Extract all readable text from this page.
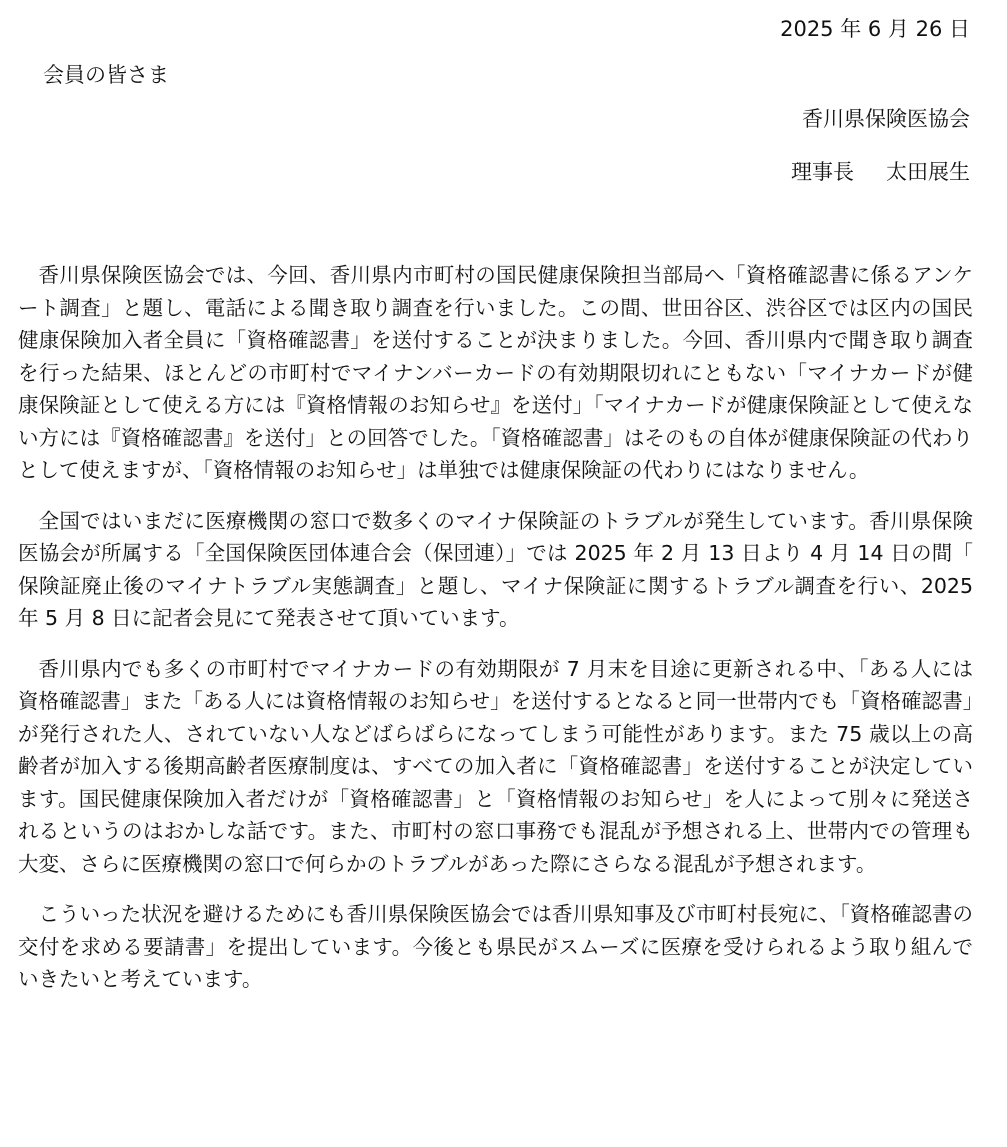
2025 年 6 月 26 日
会員の皆さま
香川県保険医協会
理事長 太田展生

香川県保険医協会では、今回、香川県内市町村の国民健康保険担当部局へ「資格確認書に係るアンケート調査」と題し、電話による聞き取り調査を行いました。この間、世田谷区、渋谷区では区内の国民健康保険加入者全員に「資格確認書」を送付することが決まりました。今回、香川県内で聞き取り調査を行った結果、ほとんどの市町村でマイナンバーカードの有効期限切れにともない「マイナカードが健康保険証として使える方には『資格情報のお知らせ』を送付」「マイナカードが健康保険証として使えない方には『資格確認書』を送付」との回答でした。「資格確認書」はそのもの自体が健康保険証の代わりとして使えますが、「資格情報のお知らせ」は単独では健康保険証の代わりにはなりません。

全国ではいまだに医療機関の窓口で数多くのマイナ保険証のトラブルが発生しています。香川県保険医協会が所属する「全国保険医団体連合会（保団連）」では 2025 年 2 月 13 日より 4 月 14 日の間「保険証廃止後のマイナトラブル実態調査」と題し、マイナ保険証に関するトラブル調査を行い、2025 年 5 月 8 日に記者会見にて発表させて頂いています。

香川県内でも多くの市町村でマイナカードの有効期限が 7 月末を目途に更新される中、「ある人には資格確認書」また「ある人には資格情報のお知らせ」を送付するとなると同一世帯内でも「資格確認書」が発行された人、されていない人などばらばらになってしまう可能性があります。また 75 歳以上の高齢者が加入する後期高齢者医療制度は、すべての加入者に「資格確認書」を送付することが決定しています。国民健康保険加入者だけが「資格確認書」と「資格情報のお知らせ」を人によって別々に発送されるというのはおかしな話です。また、市町村の窓口事務でも混乱が予想される上、世帯内での管理も大変、さらに医療機関の窓口で何らかのトラブルがあった際にさらなる混乱が予想されます。

こういった状況を避けるためにも香川県保険医協会では香川県知事及び市町村長宛に、「資格確認書の交付を求める要請書」を提出しています。今後とも県民がスムーズに医療を受けられるよう取り組んでいきたいと考えています。
